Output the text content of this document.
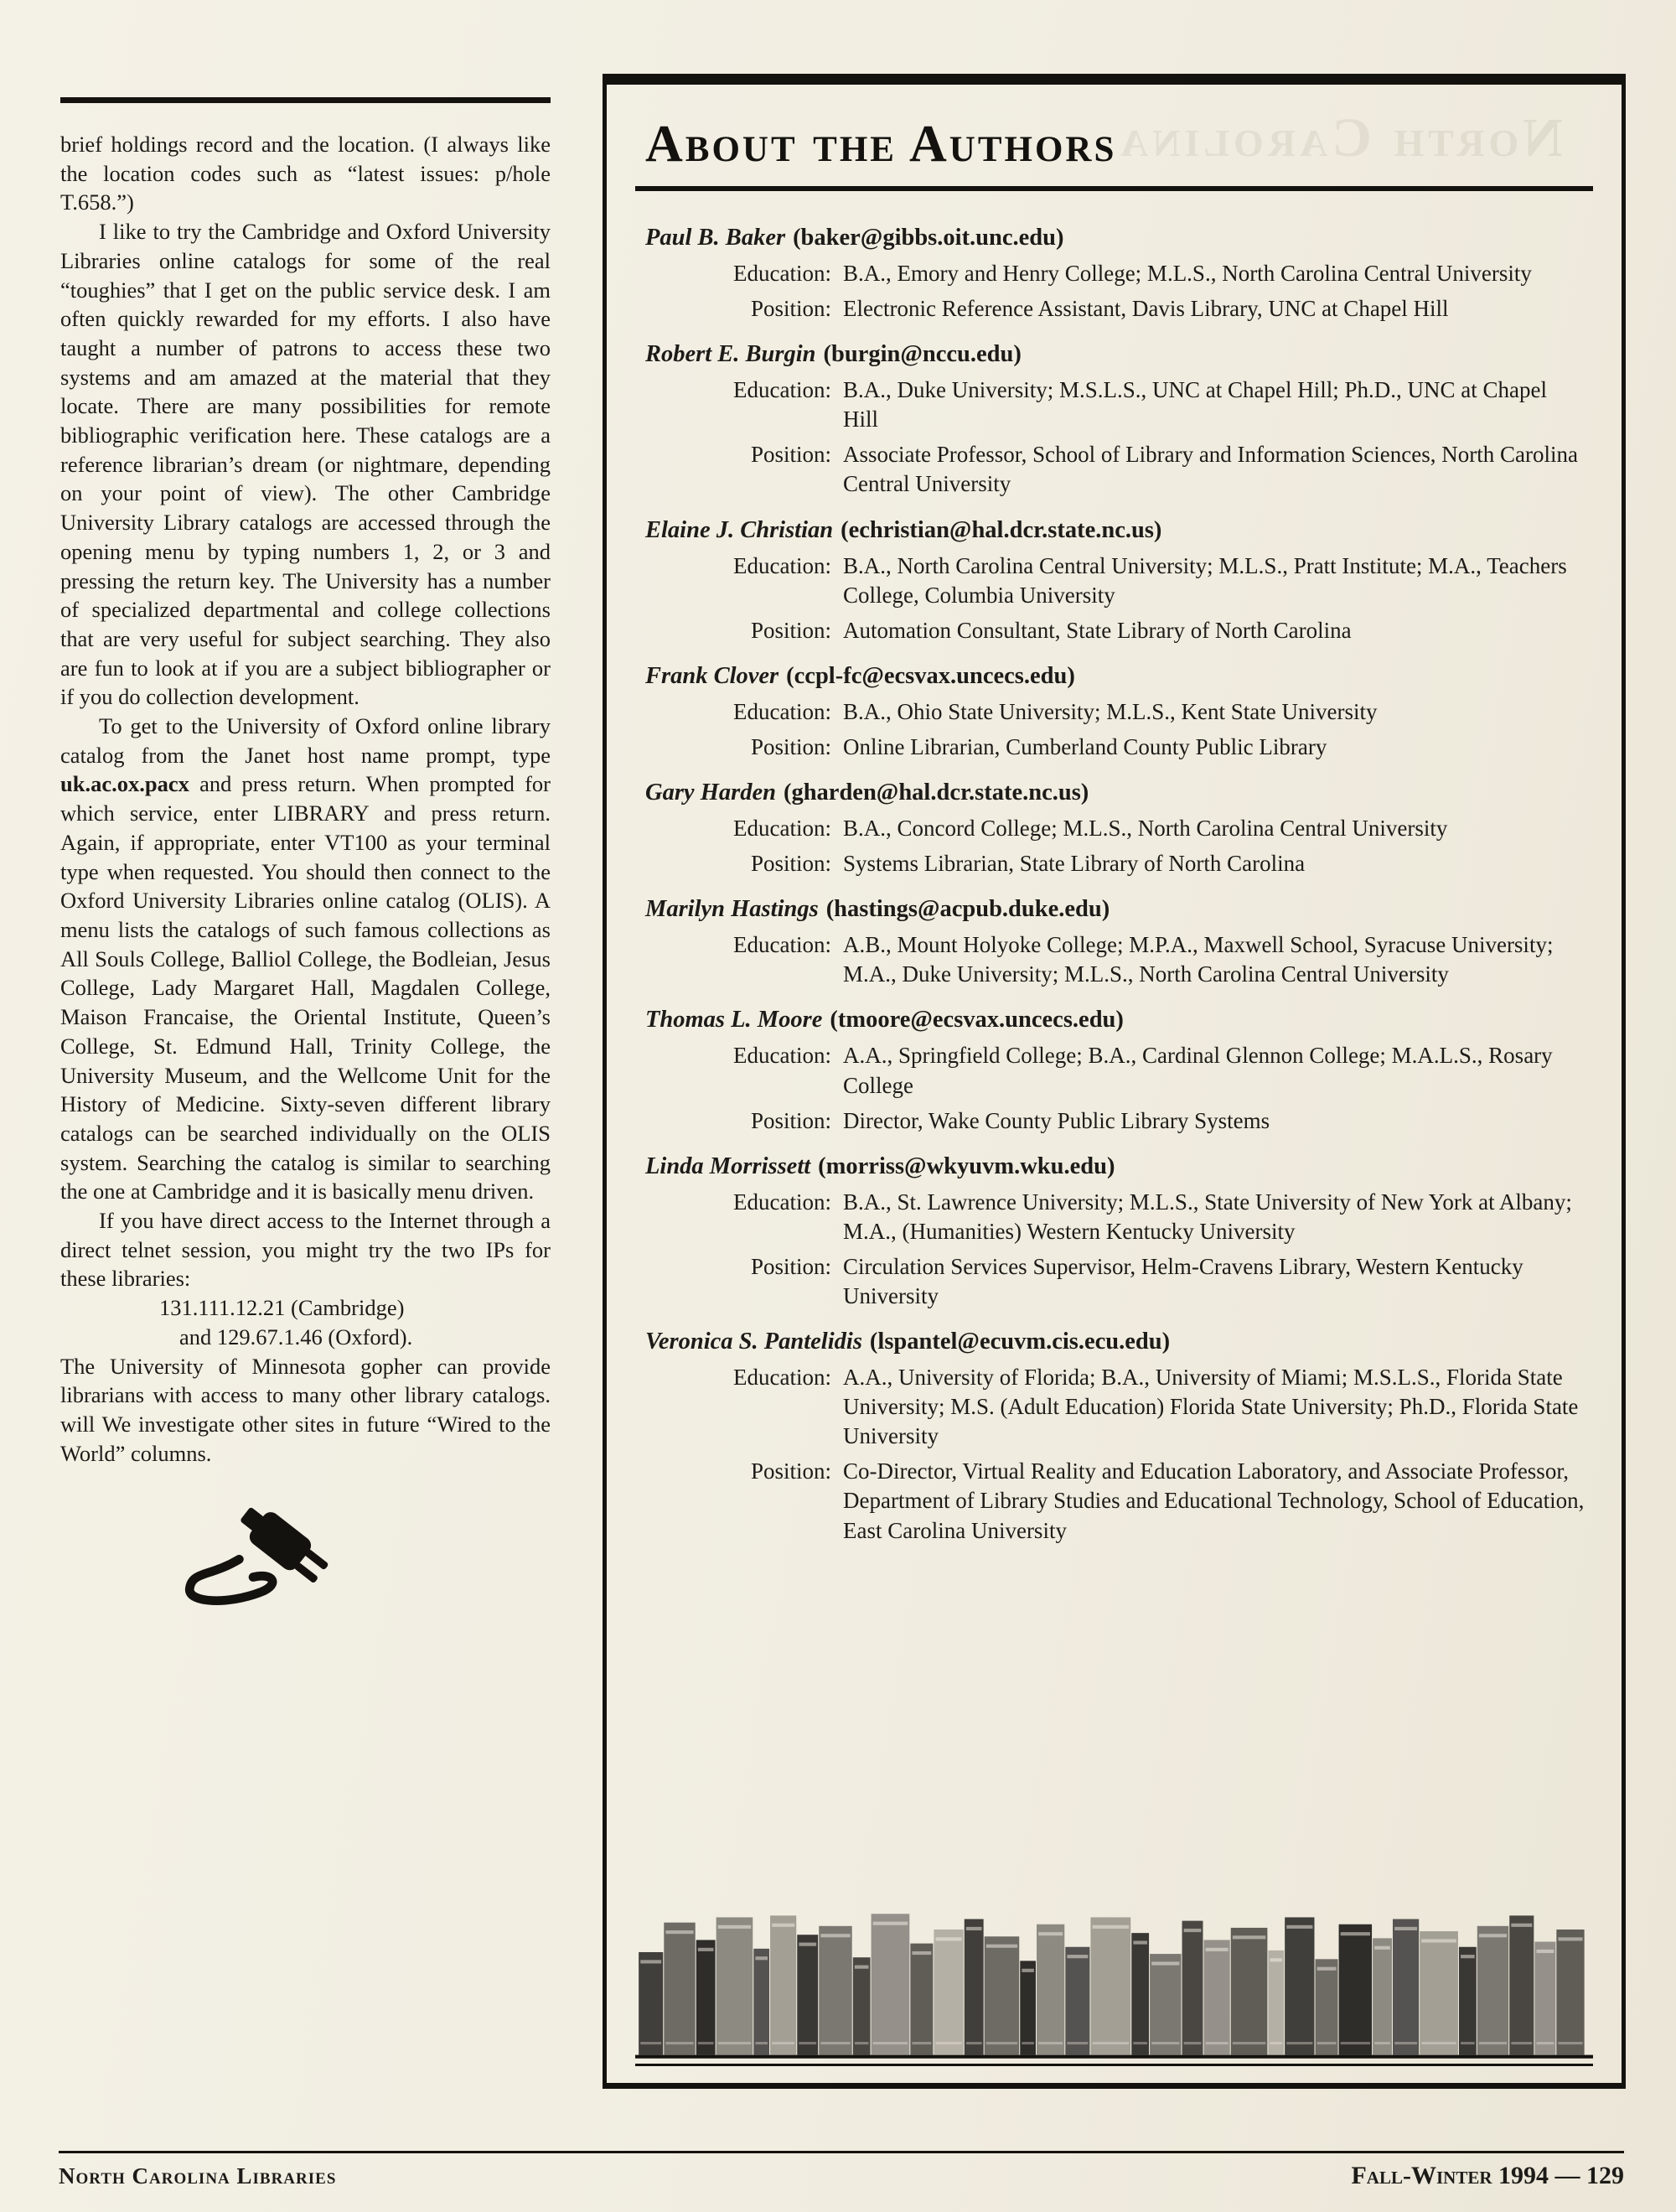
brief holdings record and the location. (I always like the location codes such as “latest issues: p/hole T.658.”)

I like to try the Cambridge and Oxford University Libraries online catalogs for some of the real “toughies” that I get on the public service desk. I am often quickly rewarded for my efforts. I also have taught a number of patrons to access these two systems and am amazed at the material that they locate. There are many possibilities for remote bibliographic verification here. These catalogs are a reference librarian’s dream (or nightmare, depending on your point of view). The other Cambridge University Library catalogs are accessed through the opening menu by typing numbers 1, 2, or 3 and pressing the return key. The University has a number of specialized departmental and college collections that are very useful for subject searching. They also are fun to look at if you are a subject bibliographer or if you do collection development.

To get to the University of Oxford online library catalog from the Janet host name prompt, type uk.ac.ox.pacx and press return. When prompted for which service, enter LIBRARY and press return. Again, if appropriate, enter VT100 as your terminal type when requested. You should then connect to the Oxford University Libraries online catalog (OLIS). A menu lists the catalogs of such famous collections as All Souls College, Balliol College, the Bodleian, Jesus College, Lady Margaret Hall, Magdalen College, Maison Francaise, the Oriental Institute, Queen’s College, St. Edmund Hall, Trinity College, the University Museum, and the Wellcome Unit for the History of Medicine. Sixty-seven different library catalogs can be searched individually on the OLIS system. Searching the catalog is similar to searching the one at Cambridge and it is basically menu driven.

If you have direct access to the Internet through a direct telnet session, you might try the two IPs for these libraries:

131.111.12.21 (Cambridge)

and 129.67.1.46 (Oxford).

The University of Minnesota gopher can provide librarians with access to many other library catalogs. will We investigate other sites in future “Wired to the World” columns.

North Carolina
About the Authors
Paul B. Baker (baker@gibbs.oit.unc.edu)
Education: B.A., Emory and Henry College; M.L.S., North Carolina Central University
Position: Electronic Reference Assistant, Davis Library, UNC at Chapel Hill
Robert E. Burgin (burgin@nccu.edu)
Education: B.A., Duke University; M.S.L.S., UNC at Chapel Hill; Ph.D., UNC at Chapel Hill
Position: Associate Professor, School of Library and Information Sciences, North Carolina Central University
Elaine J. Christian (echristian@hal.dcr.state.nc.us)
Education: B.A., North Carolina Central University; M.L.S., Pratt Institute; M.A., Teachers College, Columbia University
Position: Automation Consultant, State Library of North Carolina
Frank Clover (ccpl-fc@ecsvax.uncecs.edu)
Education: B.A., Ohio State University; M.L.S., Kent State University
Position: Online Librarian, Cumberland County Public Library
Gary Harden (gharden@hal.dcr.state.nc.us)
Education: B.A., Concord College; M.L.S., North Carolina Central University
Position: Systems Librarian, State Library of North Carolina
Marilyn Hastings (hastings@acpub.duke.edu)
Education: A.B., Mount Holyoke College; M.P.A., Maxwell School, Syracuse University; M.A., Duke University; M.L.S., North Carolina Central University
Thomas L. Moore (tmoore@ecsvax.uncecs.edu)
Education: A.A., Springfield College; B.A., Cardinal Glennon College; M.A.L.S., Rosary College
Position: Director, Wake County Public Library Systems
Linda Morrissett (morriss@wkyuvm.wku.edu)
Education: B.A., St. Lawrence University; M.L.S., State University of New York at Albany; M.A., (Humanities) Western Kentucky University
Position: Circulation Services Supervisor, Helm-Cravens Library, Western Kentucky University
Veronica S. Pantelidis (lspantel@ecuvm.cis.ecu.edu)
Education: A.A., University of Florida; B.A., University of Miami; M.S.L.S., Florida State University; M.S. (Adult Education) Florida State University; Ph.D., Florida State University
Position: Co-Director, Virtual Reality and Education Laboratory, and Associate Professor, Department of Library Studies and Educational Technology, School of Education, East Carolina University
North Carolina Libraries	Fall-Winter 1994 — 129
